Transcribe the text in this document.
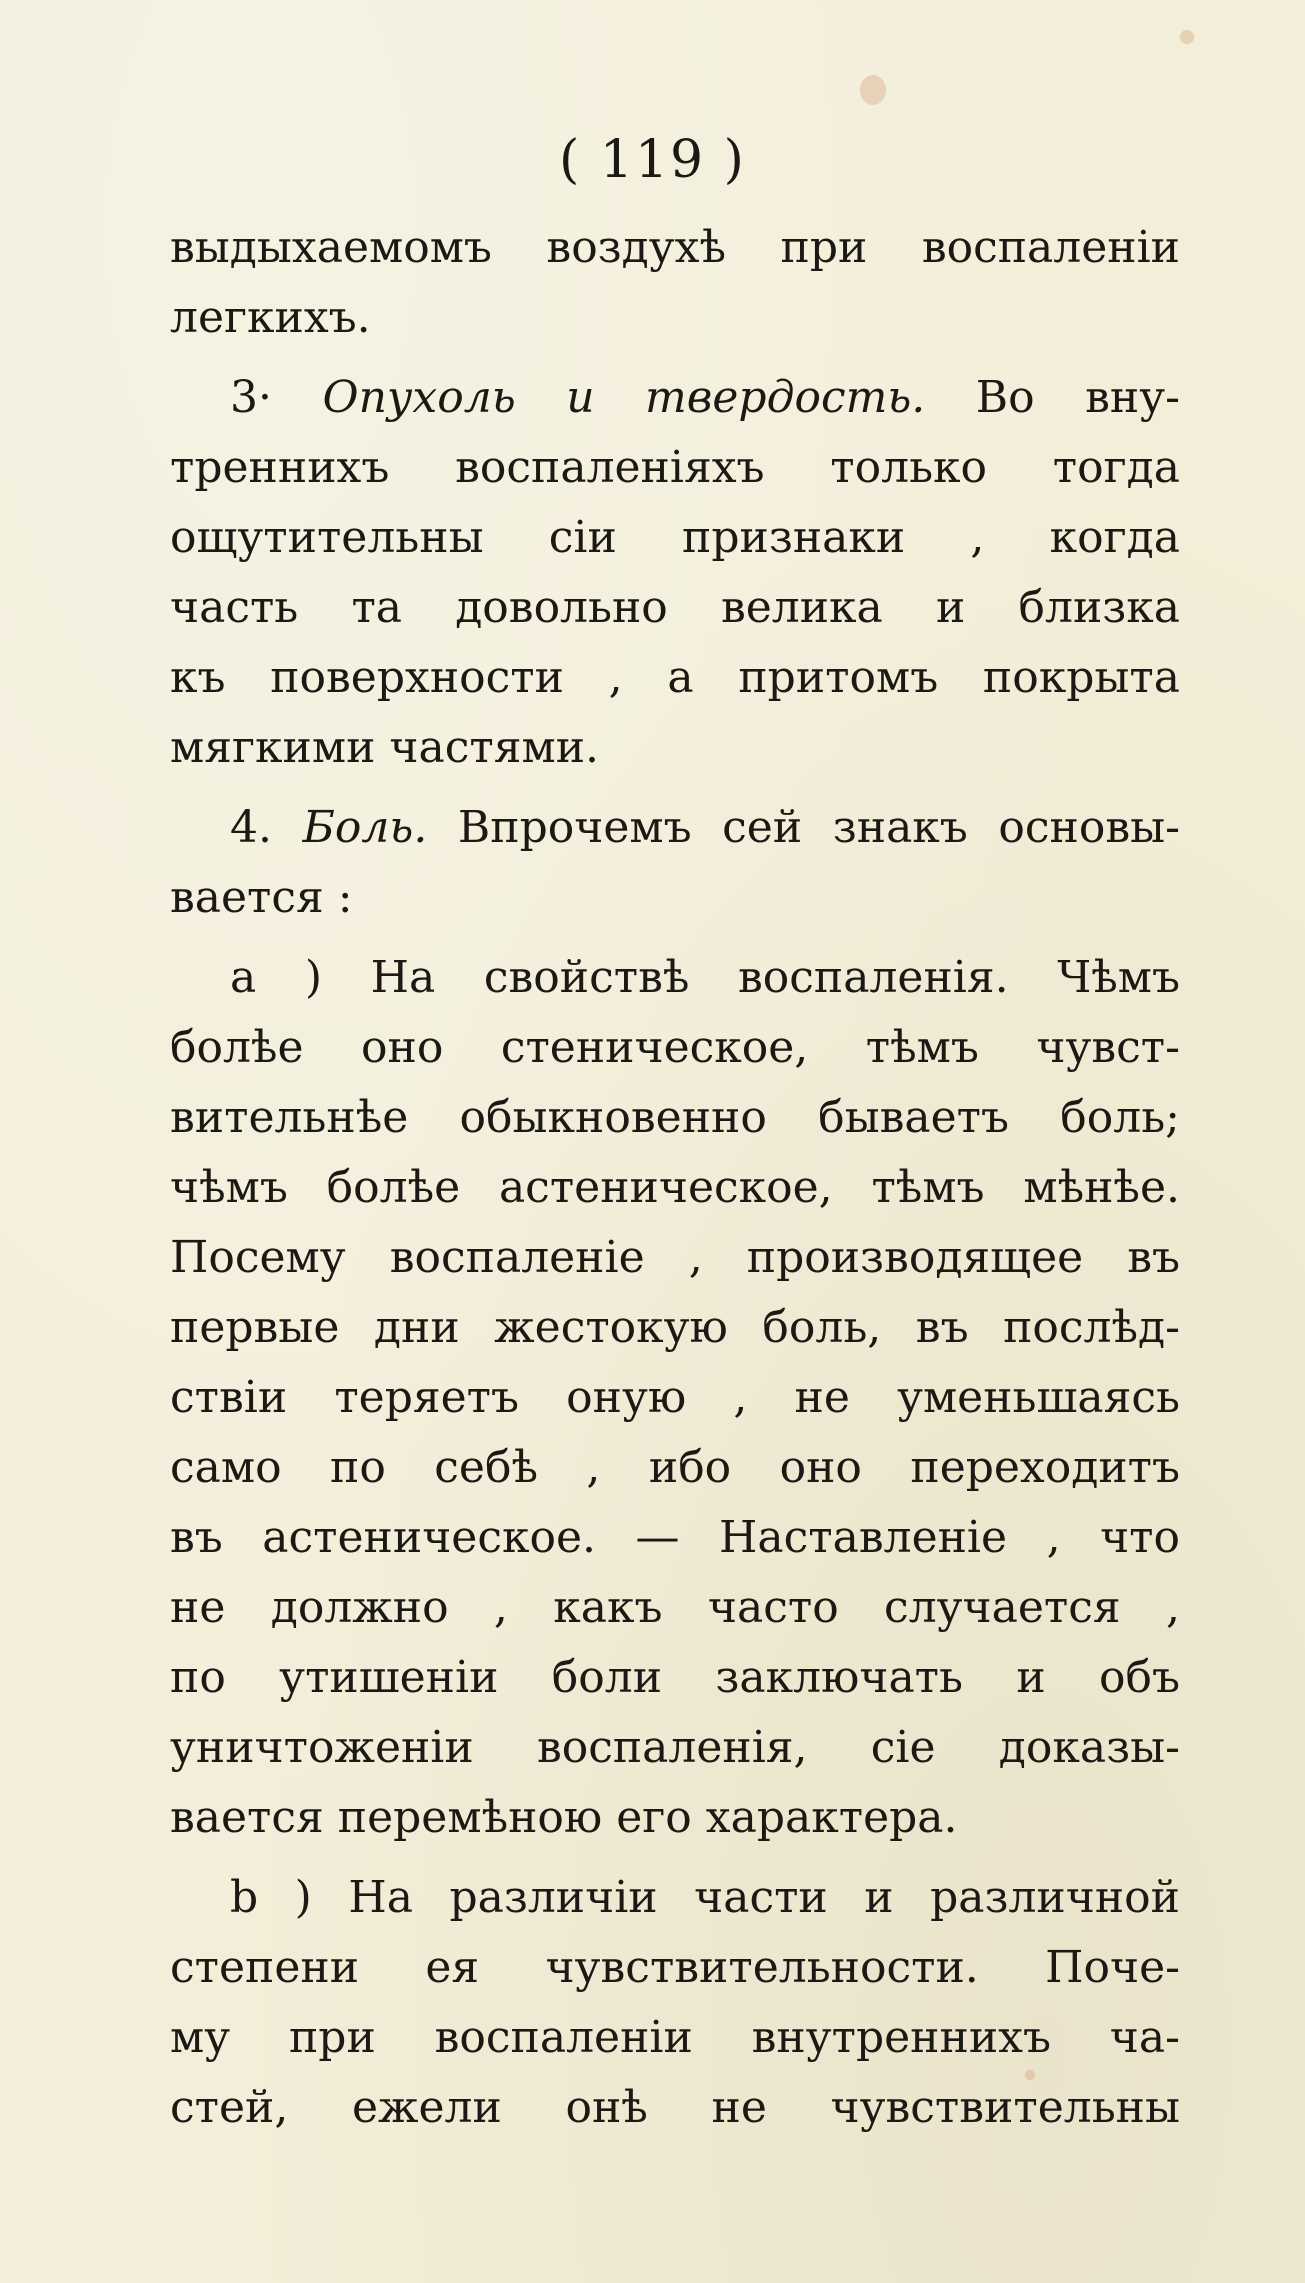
( 119 )
выдыхаемомъ воздухѣ при воспаленіи
легкихъ.
3· Опухоль и твердость. Во вну-
тренниxъ воспаленіяхъ только тогда
ощутительны сіи признаки , когда
часть та довольно велика и близка
къ поверхности , а притомъ покрыта
мягкими частями.
4. Боль. Впрочемъ сей знакъ основы-
вается :
a ) На свойствѣ воспаленія. Чѣмъ
болѣе оно стеническое, тѣмъ чувст-
вительнѣе обыкновенно бываетъ боль;
чѣмъ болѣе астеническое, тѣмъ мѣнѣе.
Посему воспаленіе , производящее въ
первые дни жестокую боль, въ послѣд-
ствіи теряетъ оную , не уменьшаясь
само по себѣ , ибо оно переходитъ
въ астеническое. — Наставленіе , что
не должно , какъ часто случается ,
по утишеніи боли заключать и объ
уничтоженіи воспаленія, сіе доказы-
вается перемѣною его характера.
b ) На различіи части и различной
степени ея чувствительности. Поче-
му при воспаленіи внутреннихъ ча-
стей, ежели онѣ не чувствительны
